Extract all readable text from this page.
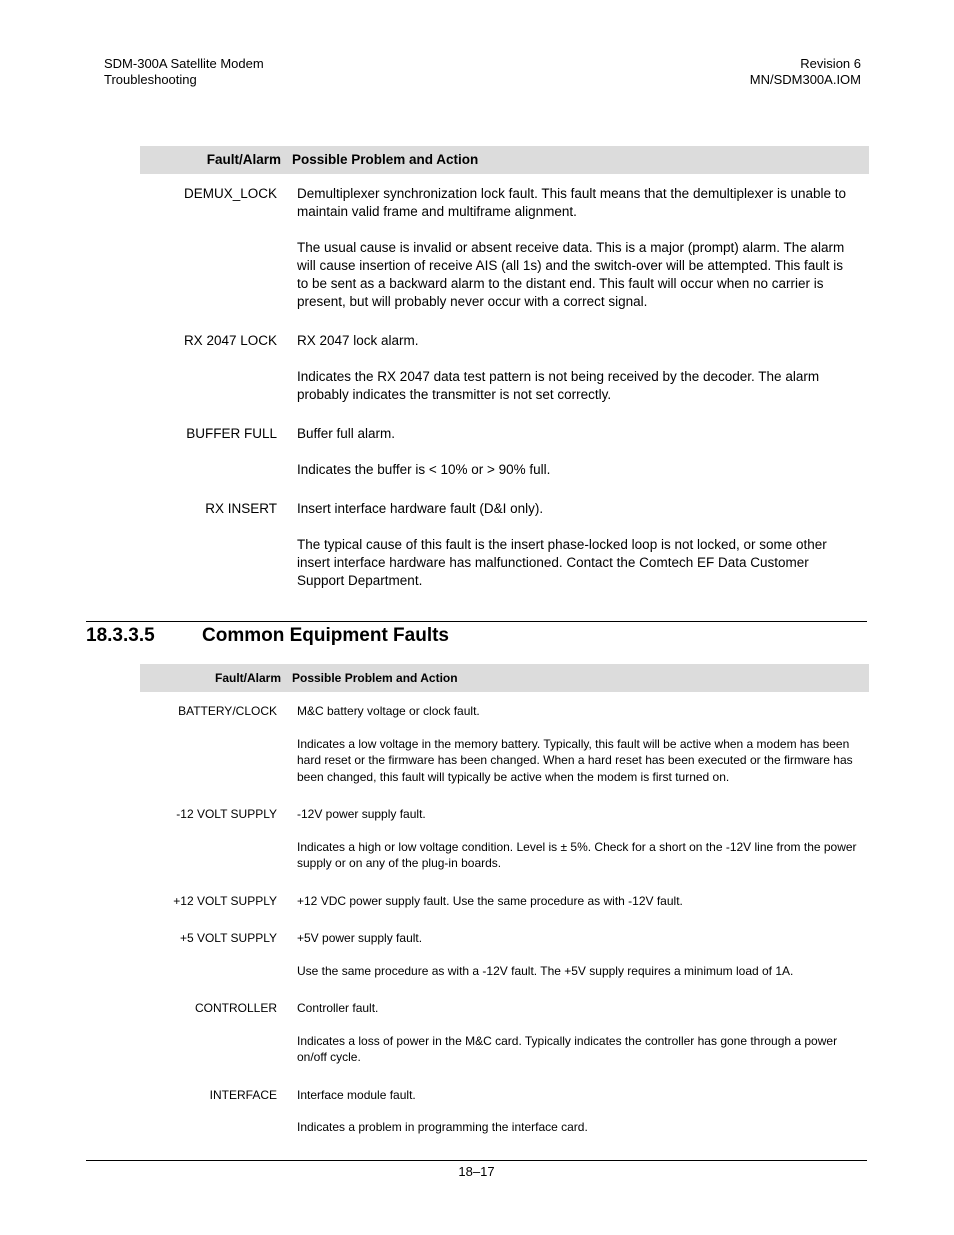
SDM-300A Satellite Modem
Troubleshooting
Revision 6
MN/SDM300A.IOM
Fault/Alarm Possible Problem and Action
DEMUX_LOCK Demultiplexer synchronization lock fault. This fault means that the demultiplexer is unable to maintain valid frame and multiframe alignment.

The usual cause is invalid or absent receive data. This is a major (prompt) alarm. The alarm will cause insertion of receive AIS (all 1s) and the switch-over will be attempted. This fault is to be sent as a backward alarm to the distant end. This fault will occur when no carrier is present, but will probably never occur with a correct signal.

RX 2047 LOCK RX 2047 lock alarm.

Indicates the RX 2047 data test pattern is not being received by the decoder. The alarm probably indicates the transmitter is not set correctly.

BUFFER FULL Buffer full alarm.

Indicates the buffer is < 10% or > 90% full.

RX INSERT Insert interface hardware fault (D&I only).

The typical cause of this fault is the insert phase-locked loop is not locked, or some other insert interface hardware has malfunctioned. Contact the Comtech EF Data Customer Support Department.

18.3.3.5	Common Equipment Faults
Fault/Alarm Possible Problem and Action
BATTERY/CLOCK M&C battery voltage or clock fault.

Indicates a low voltage in the memory battery. Typically, this fault will be active when a modem has been hard reset or the firmware has been changed. When a hard reset has been executed or the firmware has been changed, this fault will typically be active when the modem is first turned on.

-12 VOLT SUPPLY -12V power supply fault.

Indicates a high or low voltage condition. Level is ± 5%. Check for a short on the -12V line from the power supply or on any of the plug-in boards.

+12 VOLT SUPPLY +12 VDC power supply fault. Use the same procedure as with -12V fault.

+5 VOLT SUPPLY +5V power supply fault.

Use the same procedure as with a -12V fault. The +5V supply requires a minimum load of 1A.

CONTROLLER Controller fault.

Indicates a loss of power in the M&C card. Typically indicates the controller has gone through a power on/off cycle.

INTERFACE Interface module fault.

Indicates a problem in programming the interface card.

18–17
